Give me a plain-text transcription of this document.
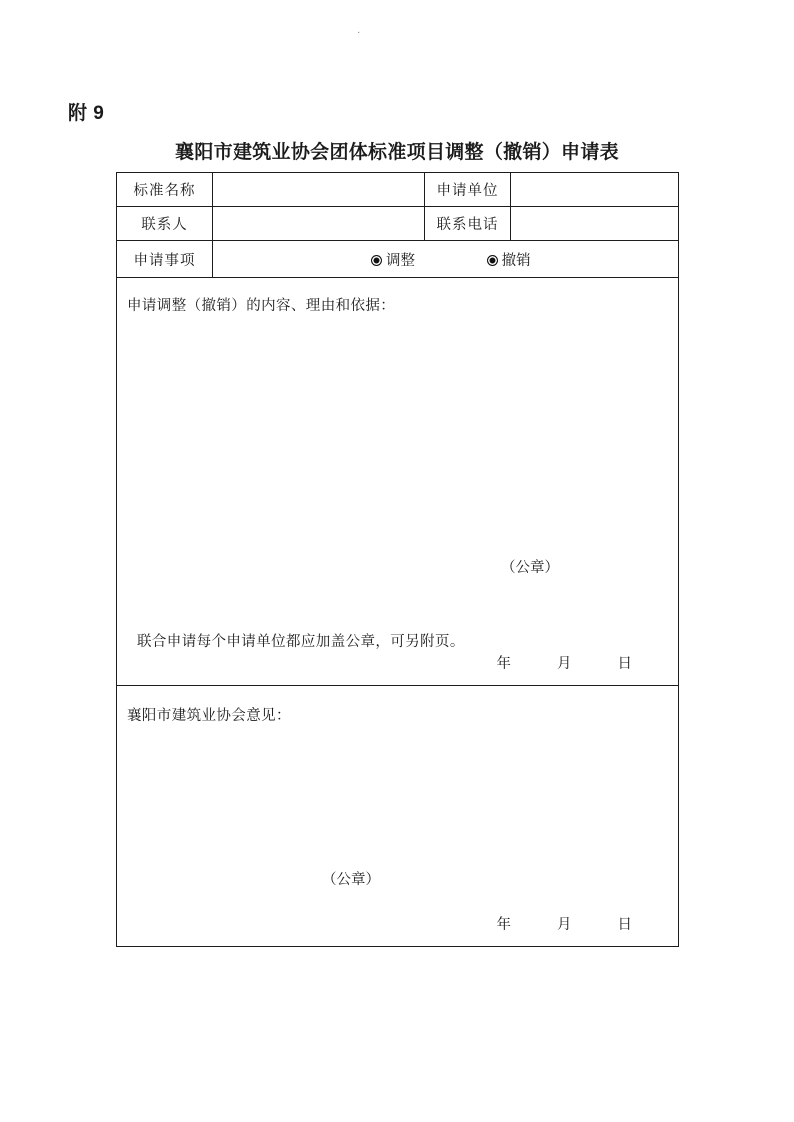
·
附 9
襄阳市建筑业协会团体标准项目调整（撤销）申请表
标准名称		申请单位	
联系人		联系电话	
申请事项	调整 撤销		

申请调整（撤销）的内容、理由和依据：
（公章）
联合申请每个申请单位都应加盖公章，可另附页。
年 月 日			

襄阳市建筑业协会意见：
（公章）
年 月 日			
